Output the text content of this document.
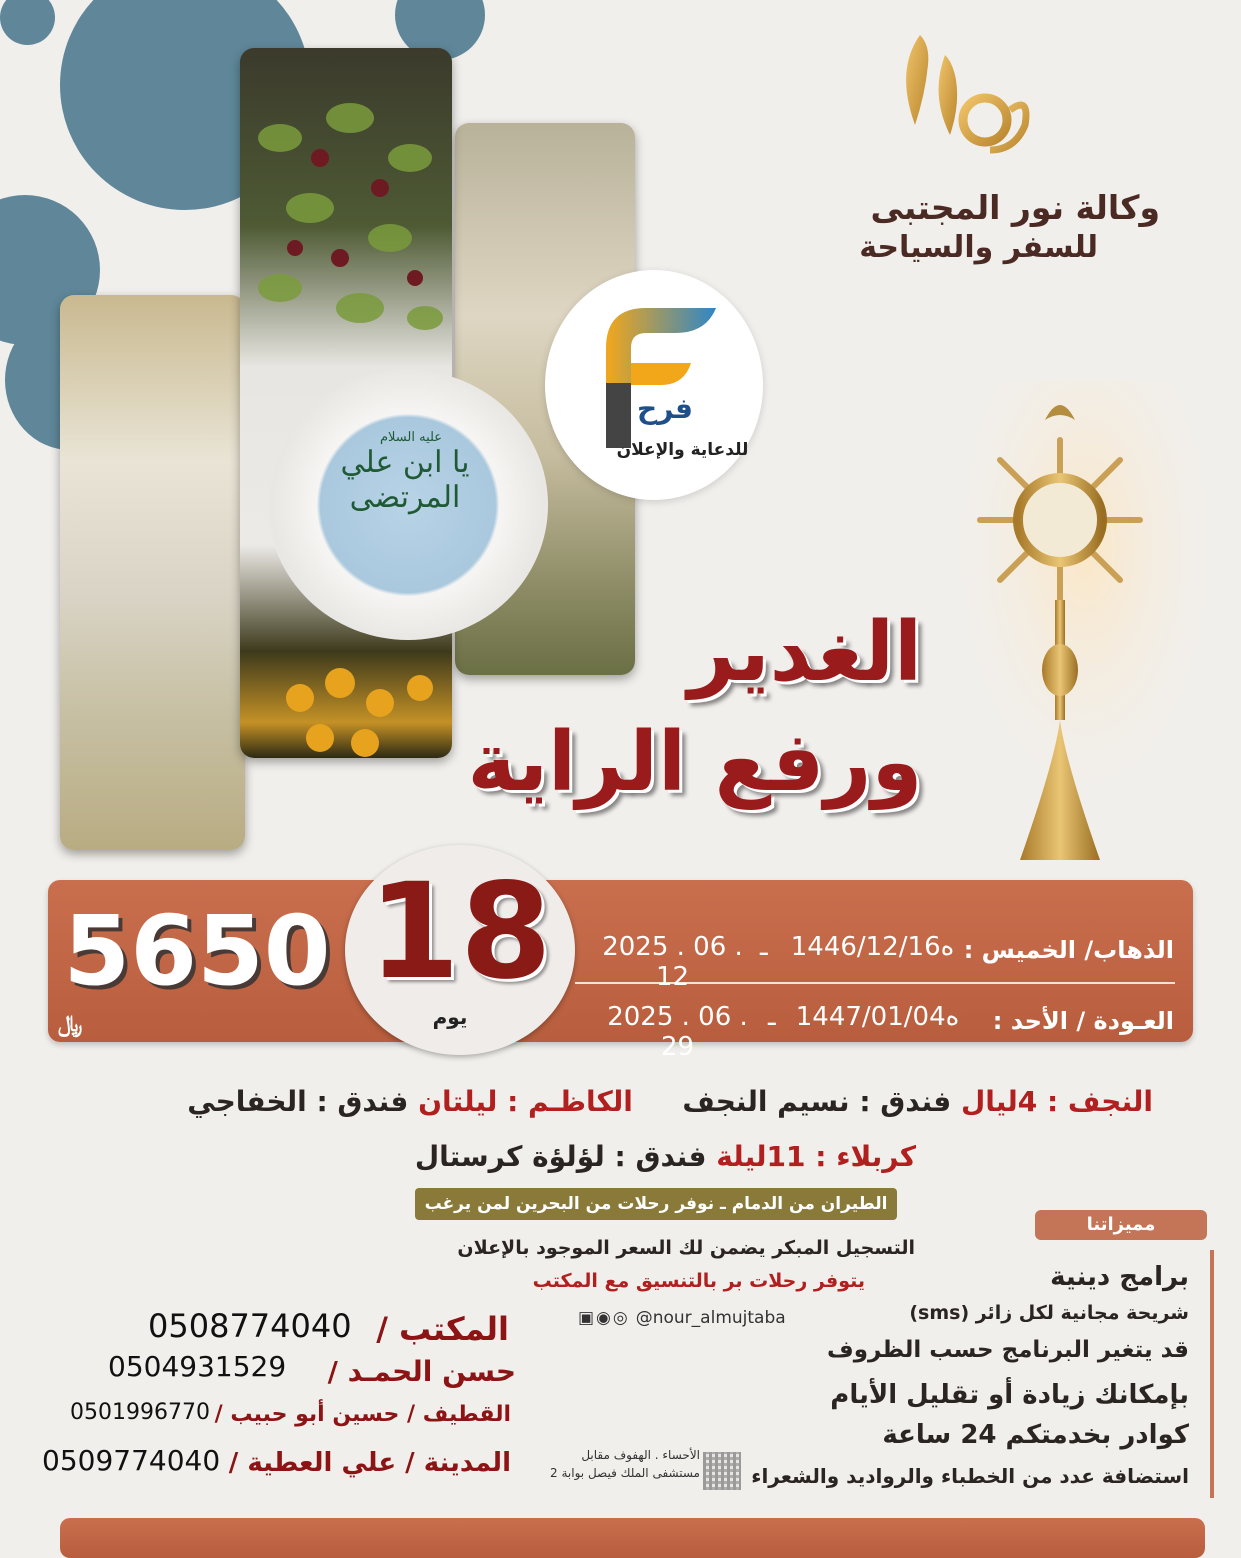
عليه السلام
يا ابن علي المرتضى
فرح
للدعاية والإعلان
وكالة نور المجتبى
للسفر والسياحة
الغدير
ورفع الراية
5650
﷼
18
يوم
الذهاب/ الخميس :
1446/12/16ه
ـ
2025 . 06 . 12
العـودة / الأحد :
1447/01/04ه
ـ
2025 . 06 . 29
النجف : 4ليال فندق : نسيم النجف  الكاظـم : ليلتان فندق : الخفاجي
كربلاء : 11ليلة فندق : لؤلؤة كرستال
الطيران من الدمام ـ نوفر رحلات من البحرين لمن يرغب
مميزاتنا
التسجيل المبكر يضمن لك السعر الموجود بالإعلان
يتوفر رحلات بر بالتنسيق مع المكتب	برامج دينية
شريحة مجانية لكل زائر (sms)
قد يتغير البرنامج حسب الظروف
بإمكانك زيادة أو تقليل الأيام
كوادر بخدمتكم 24 ساعة
استضافة عدد من الخطباء والرواديد والشعراء
▣◉◎ @nour_almujtaba
الأحساء . الهفوف مقابل
مستشفى الملك فيصل بوابة 2
المكتب /
0508774040
حسن الحمـد /
0504931529
القطيف / حسين أبو حبيب /
0501996770
المدينة / علي العطية /
0509774040
